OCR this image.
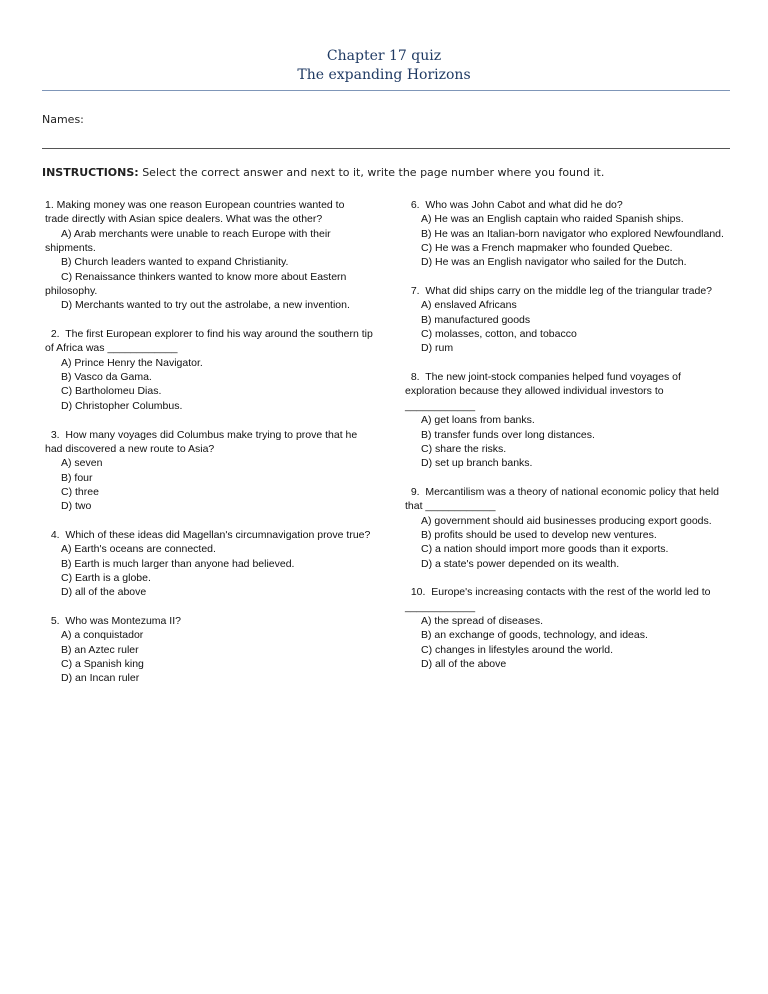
Chapter 17 quiz
The expanding Horizons
Names:
INSTRUCTIONS: Select the correct answer and next to it, write the page number where you found it.
1. Making money was one reason European countries wanted to
trade directly with Asian spice dealers. What was the other?
A) Arab merchants were unable to reach Europe with their
shipments.
B) Church leaders wanted to expand Christianity.
C) Renaissance thinkers wanted to know more about Eastern
philosophy.
D) Merchants wanted to try out the astrolabe, a new invention.
2.  The first European explorer to find his way around the southern tip
of Africa was ____________
A) Prince Henry the Navigator.
B) Vasco da Gama.
C) Bartholomeu Dias.
D) Christopher Columbus.
3.  How many voyages did Columbus make trying to prove that he
had discovered a new route to Asia?
A) seven
B) four
C) three
D) two
4.  Which of these ideas did Magellan's circumnavigation prove true?
A) Earth's oceans are connected.
B) Earth is much larger than anyone had believed.
C) Earth is a globe.
D) all of the above
5.  Who was Montezuma II?
A) a conquistador
B) an Aztec ruler
C) a Spanish king
D) an Incan ruler
6.  Who was John Cabot and what did he do?
A) He was an English captain who raided Spanish ships.
B) He was an Italian-born navigator who explored Newfoundland.
C) He was a French mapmaker who founded Quebec.
D) He was an English navigator who sailed for the Dutch.
7.  What did ships carry on the middle leg of the triangular trade?
A) enslaved Africans
B) manufactured goods
C) molasses, cotton, and tobacco
D) rum
8.  The new joint-stock companies helped fund voyages of
exploration because they allowed individual investors to
____________
A) get loans from banks.
B) transfer funds over long distances.
C) share the risks.
D) set up branch banks.
9.  Mercantilism was a theory of national economic policy that held
that ____________
A) government should aid businesses producing export goods.
B) profits should be used to develop new ventures.
C) a nation should import more goods than it exports.
D) a state's power depended on its wealth.
10.  Europe's increasing contacts with the rest of the world led to
____________
A) the spread of diseases.
B) an exchange of goods, technology, and ideas.
C) changes in lifestyles around the world.
D) all of the above
